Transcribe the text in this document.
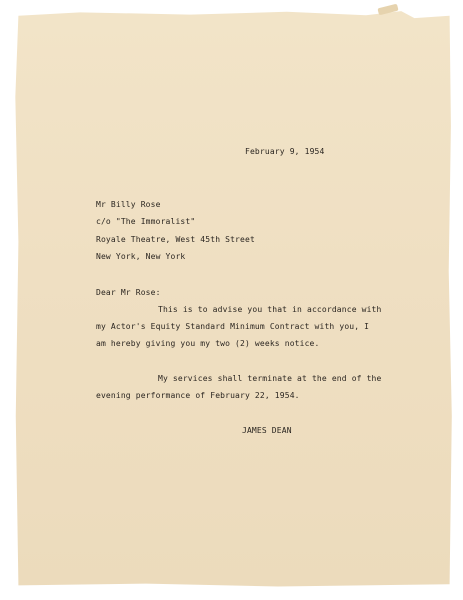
February 9, 1954

Mr Billy Rose

c/o "The Immoralist"

Royale Theatre, West 45th Street

New York, New York

Dear Mr Rose:

This is to advise you that in accordance with

my Actor's Equity Standard Minimum Contract with you, I

am hereby giving you my two (2) weeks notice.

My services shall terminate at the end of the

evening performance of February 22, 1954.

JAMES DEAN
